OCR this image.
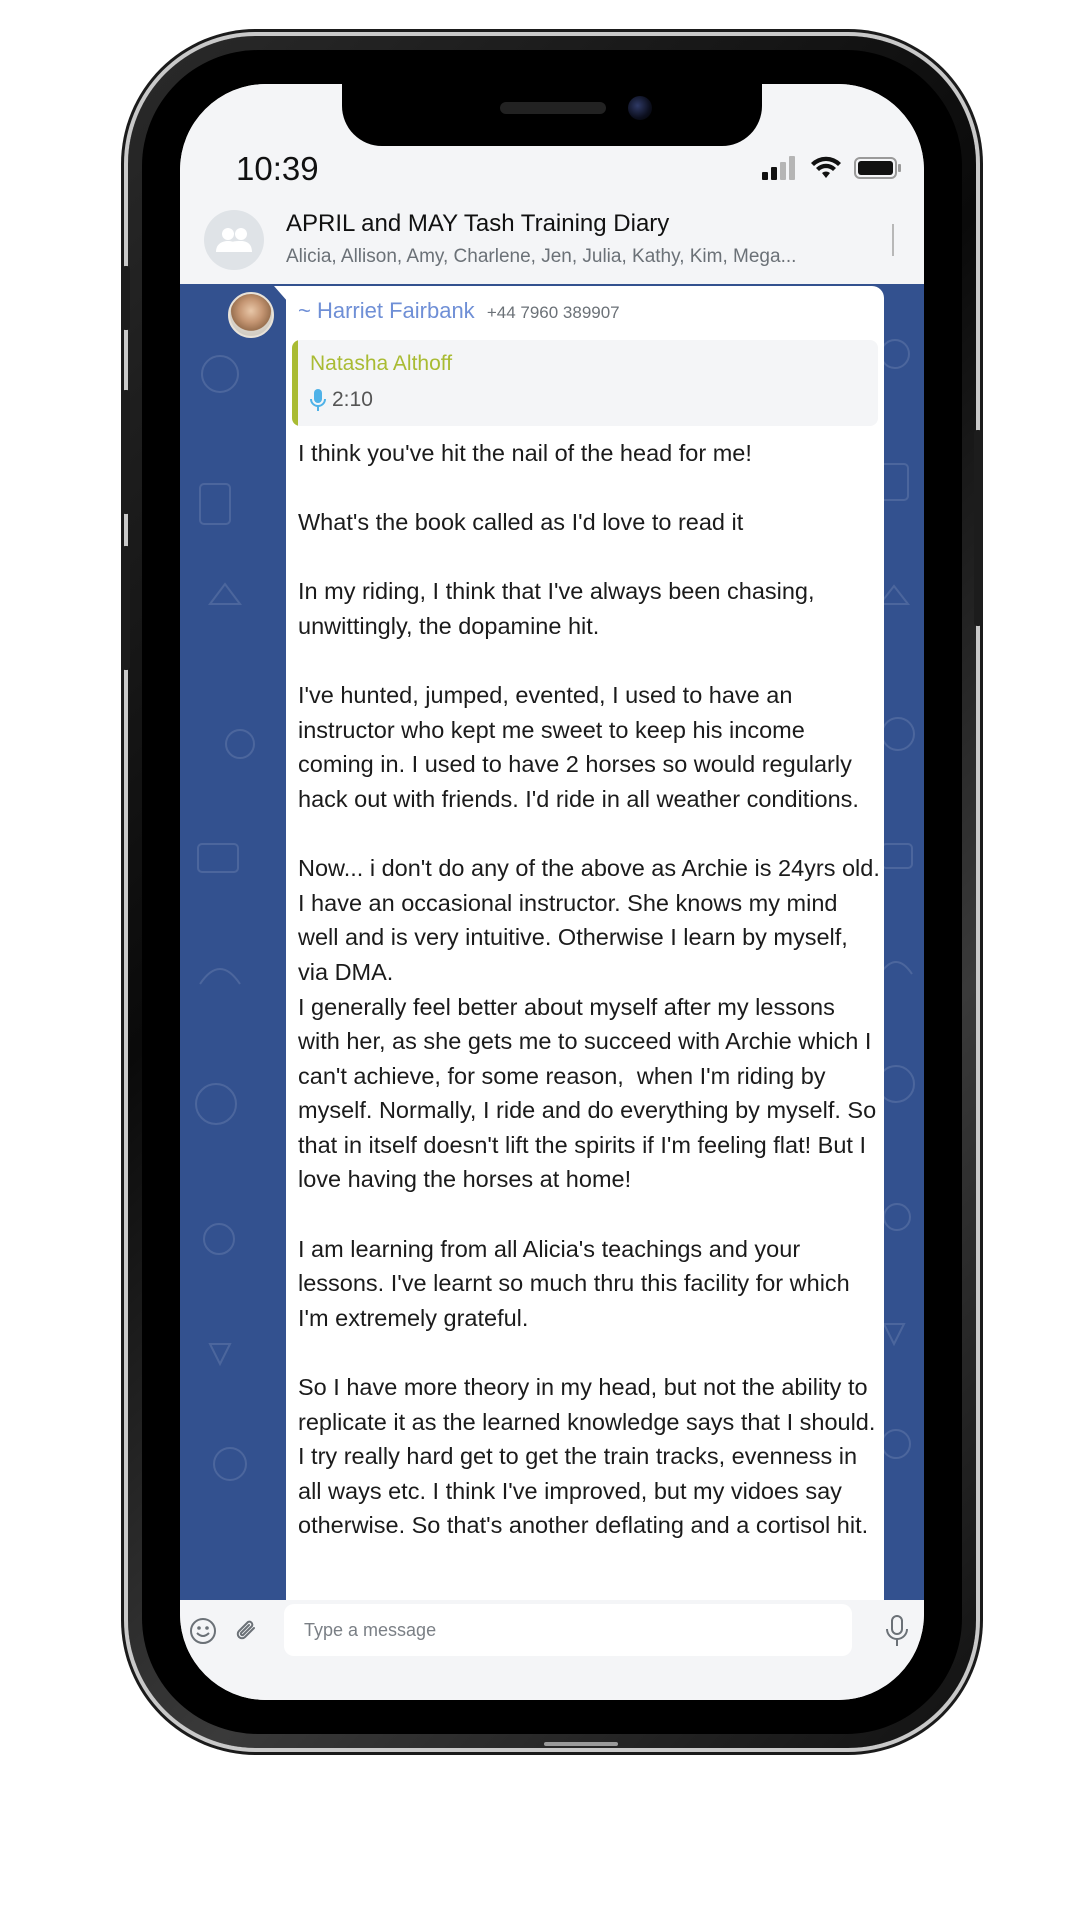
10:39
APRIL and MAY Tash Training Diary
Alicia, Allison, Amy, Charlene, Jen, Julia, Kathy, Kim, Mega...
~ Harriet Fairbank +44 7960 389907
Natasha Althoff
2:10
I think you've hit the nail of the head for me!

What's the book called as I'd love to read it

In my riding, I think that I've always been chasing, unwittingly, the dopamine hit.

I've hunted, jumped, evented, I used to have an instructor who kept me sweet to keep his income coming in. I used to have 2 horses so would regularly hack out with friends. I'd ride in all weather conditions.

Now... i don't do any of the above as Archie is 24yrs old. I have an occasional instructor. She knows my mind well and is very intuitive. Otherwise I learn by myself, via DMA.
I generally feel better about myself after my lessons with her, as she gets me to succeed with Archie which I can't achieve, for some reason,  when I'm riding by myself. Normally, I ride and do everything by myself. So that in itself doesn't lift the spirits if I'm feeling flat! But I love having the horses at home!

I am learning from all Alicia's teachings and your lessons. I've learnt so much thru this facility for which I'm extremely grateful.

So I have more theory in my head, but not the ability to replicate it as the learned knowledge says that I should. I try really hard get to get the train tracks, evenness in all ways etc. I think I've improved, but my vidoes say otherwise. So that's another deflating and a cortisol hit.
Type a message
